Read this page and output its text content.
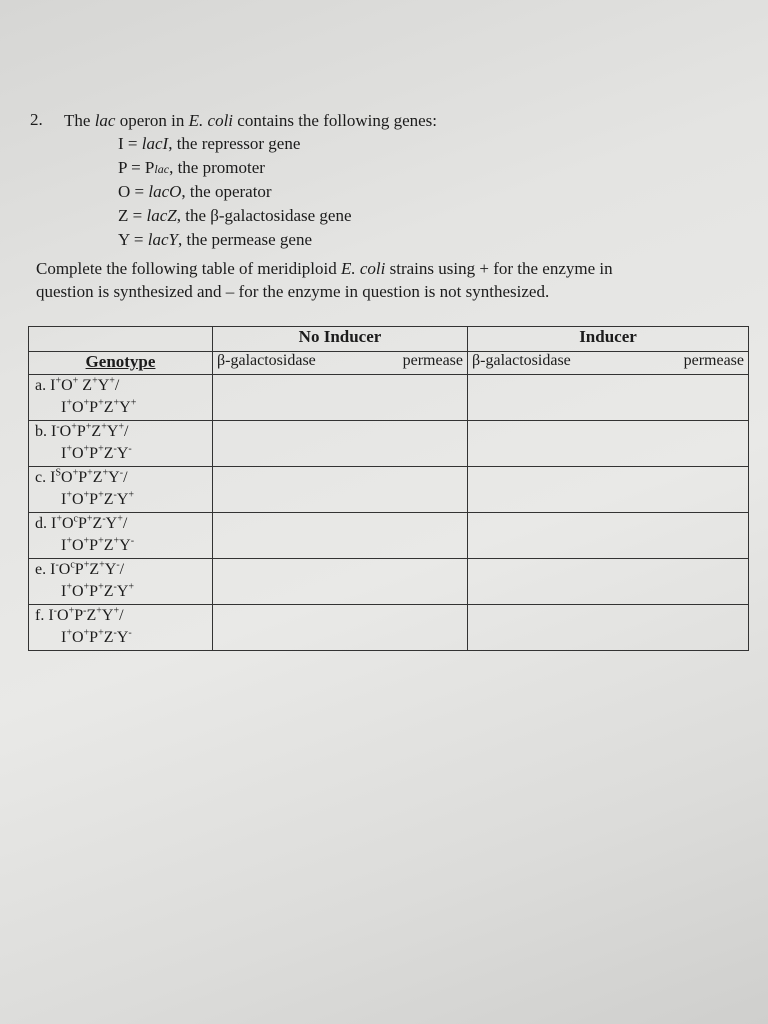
2. The lac operon in E. coli contains the following genes:
I = lacI, the repressor gene
P = Plac, the promoter
O = lacO, the operator
Z = lacZ, the β-galactosidase gene
Y = lacY, the permease gene
Complete the following table of meridiploid E. coli strains using + for the enzyme in
question is synthesized and – for the enzyme in question is not synthesized.
	No Inducer	Inducer
Genotype	β-galactosidase permease	β-galactosidase permease

a. I+O+ Z+Y+/
I+O+P+Z+Y+

b. I-O+P+Z+Y+/
I+O+P+Z-Y-

c. $I^SO^+P^+Z^+Y^-/$
I+O+P+Z-Y+

d. $I^+O^cP^+Z^-Y^+/$
I+O+P+Z+Y-

e. $I^-O^cP^+Z^+Y^-/$
I+O+P+Z-Y+

f. I-O+P-Z+Y+/
I+O+P+Z-Y-
